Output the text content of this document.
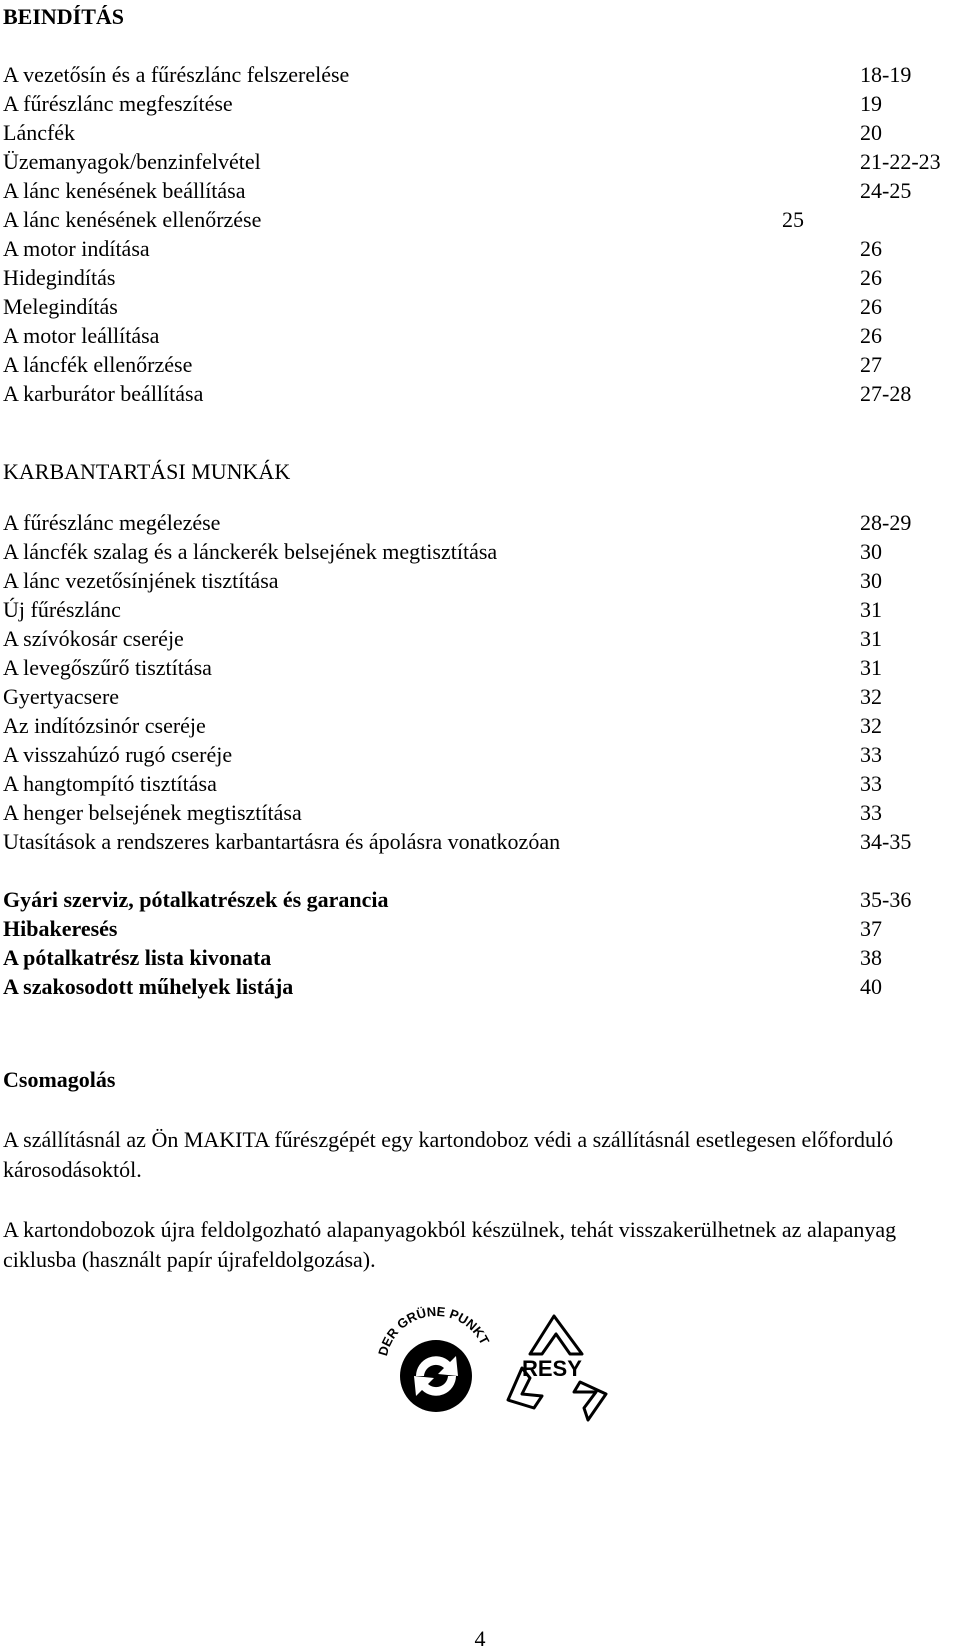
BEINDÍTÁS
A vezetősín és a fűrészlánc felszerelése	18-19
A fűrészlánc megfeszítése	19
Láncfék	20
Üzemanyagok/benzinfelvétel	21-22-23
A lánc kenésének beállítása	24-25
A lánc kenésének ellenőrzése	25
A motor indítása	26
Hidegindítás	26
Melegindítás	26
A motor leállítása	26
A láncfék ellenőrzése	27
A karburátor beállítása	27-28
KARBANTARTÁSI MUNKÁK
A fűrészlánc megélezése	28-29
A láncfék szalag és a lánckerék belsejének megtisztítása	30
A lánc vezetősínjének tisztítása	30
Új fűrészlánc	31
A szívókosár cseréje	31
A levegőszűrő tisztítása	31
Gyertyacsere	32
Az indítózsinór cseréje	32
A visszahúzó rugó cseréje	33
A hangtompító tisztítása	33
A henger belsejének megtisztítása	33
Utasítások a rendszeres karbantartásra és ápolásra vonatkozóan	34-35
Gyári szerviz, pótalkatrészek és garancia	35-36
Hibakeresés	37
A pótalkatrész lista kivonata	38
A szakosodott műhelyek listája	40
Csomagolás
A szállításnál az Ön MAKITA fűrészgépét egy kartondoboz védi a szállításnál esetlegesen előforduló károsodásoktól.
A kartondobozok újra feldolgozható alapanyagokból készülnek, tehát visszakerülhetnek az alapanyag ciklusba (használt papír újrafeldolgozása).
DER GRÜNE PUNKT
RESY
4
